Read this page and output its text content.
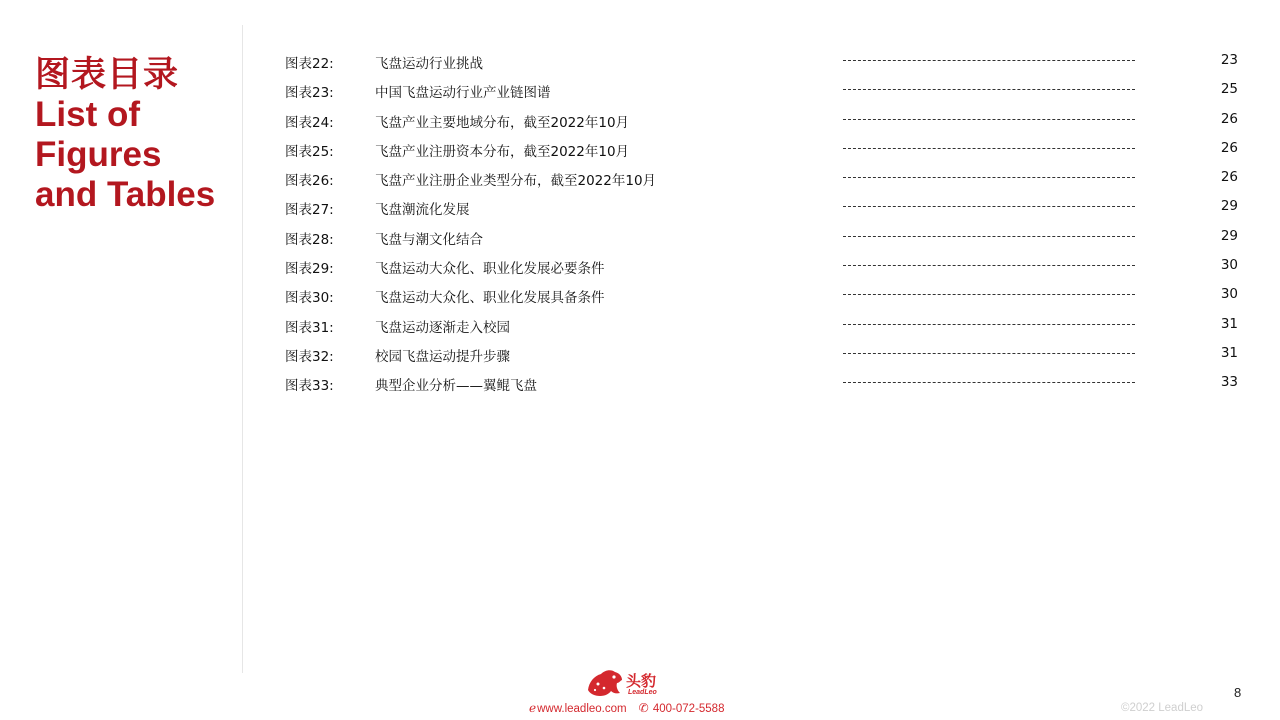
图表目录
List of
Figures
and Tables
图表22:	飞盘运动行业挑战	23
图表23:	中国飞盘运动行业产业链图谱	25
图表24:	飞盘产业主要地域分布，截至2022年10月	26
图表25:	飞盘产业注册资本分布，截至2022年10月	26
图表26:	飞盘产业注册企业类型分布，截至2022年10月	26
图表27:	飞盘潮流化发展	29
图表28:	飞盘与潮文化结合	29
图表29:	飞盘运动大众化、职业化发展必要条件	30
图表30:	飞盘运动大众化、职业化发展具备条件	30
图表31:	飞盘运动逐渐走入校园	31
图表32:	校园飞盘运动提升步骤	31
图表33:	典型企业分析——翼鲲飞盘	33
头豹
LeadLeo
ℯwww.leadleo.com ✆ 400-072-5588
8
©2022 LeadLeo
